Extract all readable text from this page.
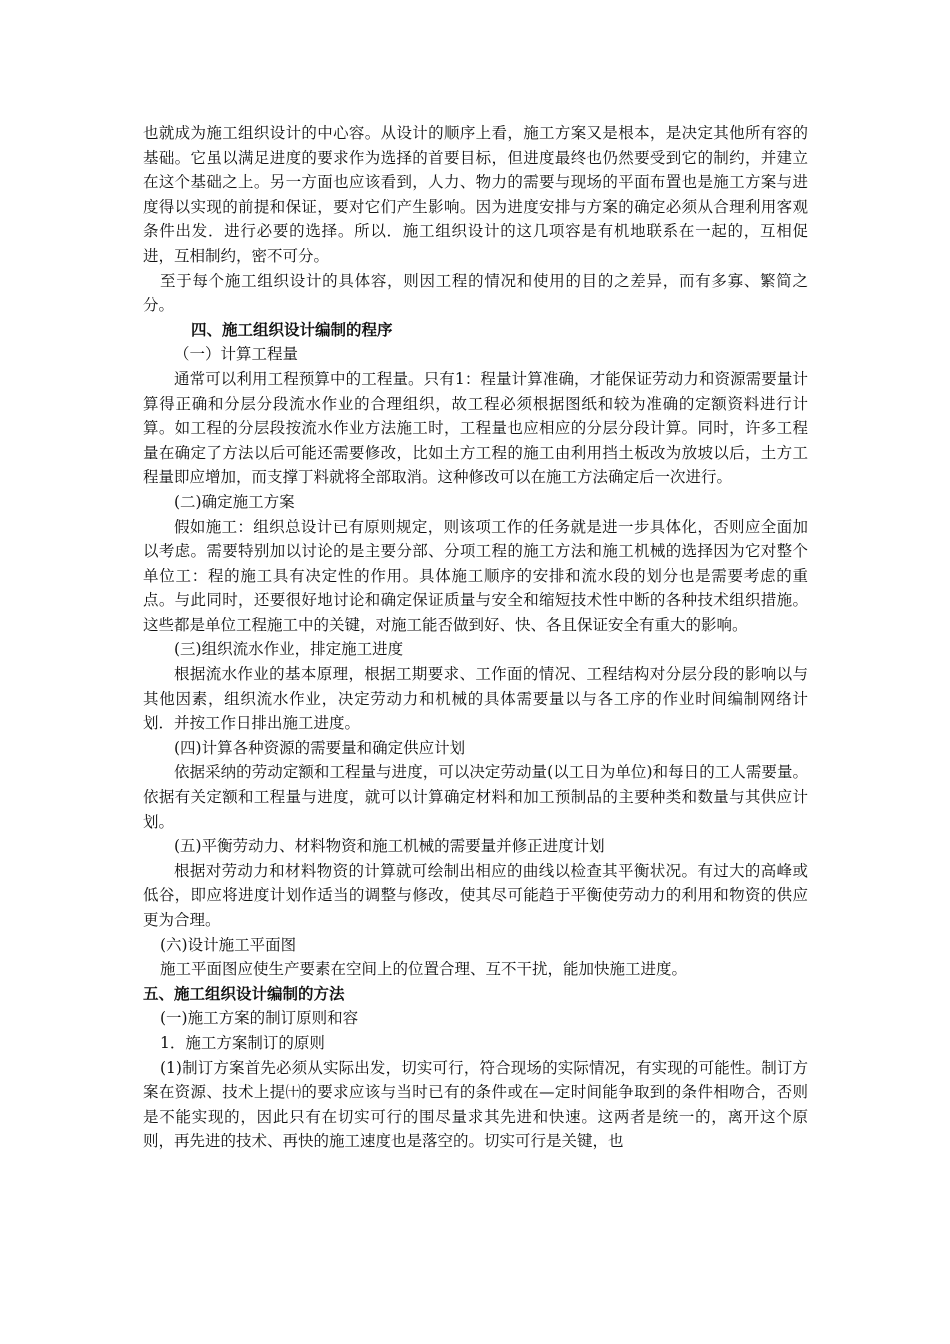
也就成为施工组织设计的中心容。从设计的顺序上看，施工方案又是根本，是决定其他所有容的基础。它虽以满足进度的要求作为选择的首要目标，但进度最终也仍然要受到它的制约，并建立在这个基础之上。另一方面也应该看到，人力、物力的需要与现场的平面布置也是施工方案与进度得以实现的前提和保证，要对它们产生影响。因为进度安排与方案的确定必须从合理利用客观条件出发．进行必要的选择。所以．施工组织设计的这几项容是有机地联系在一起的，互相促进，互相制约，密不可分。

至于每个施工组织设计的具体容，则因工程的情况和使用的目的之差异，而有多寡、繁简之分。

四、施工组织设计编制的程序
（一）计算工程量

通常可以利用工程预算中的工程量。只有1：程量计算准确，才能保证劳动力和资源需要量计算得正确和分层分段流水作业的合理组织，故工程必须根据图纸和较为准确的定额资料进行计算。如工程的分层段按流水作业方法施工时，工程量也应相应的分层分段计算。同时，许多工程量在确定了方法以后可能还需要修改，比如土方工程的施工由利用挡土板改为放坡以后，土方工程量即应增加，而支撑丁料就将全部取消。这种修改可以在施工方法确定后一次进行。

(二)确定施工方案

假如施工：组织总设计已有原则规定，则该项工作的任务就是进一步具体化，否则应全面加以考虑。需要特别加以讨论的是主要分部、分项工程的施工方法和施工机械的选择因为它对整个单位工：程的施工具有决定性的作用。具体施工顺序的安排和流水段的划分也是需要考虑的重点。与此同时，还要很好地讨论和确定保证质量与安全和缩短技术性中断的各种技术组织措施。这些都是单位工程施工中的关键，对施工能否做到好、快、各且保证安全有重大的影响。

(三)组织流水作业，排定施工进度

根据流水作业的基本原理，根据工期要求、工作面的情况、工程结构对分层分段的影响以与其他因素，组织流水作业，决定劳动力和机械的具体需要量以与各工序的作业时间编制网络计划．并按工作日排出施工进度。

(四)计算各种资源的需要量和确定供应计划

依据采纳的劳动定额和工程量与进度，可以决定劳动量(以工日为单位)和每日的工人需要量。依据有关定额和工程量与进度，就可以计算确定材料和加工预制品的主要种类和数量与其供应计划。

(五)平衡劳动力、材料物资和施工机械的需要量并修正进度计划

根据对劳动力和材料物资的计算就可绘制出相应的曲线以检查其平衡状况。有过大的高峰或低谷，即应将进度计划作适当的调整与修改，使其尽可能趋于平衡使劳动力的利用和物资的供应更为合理。

(六)设计施工平面图

施工平面图应使生产要素在空间上的位置合理、互不干扰，能加快施工进度。

五、施工组织设计编制的方法
(一)施工方案的制订原则和容
1．施工方案制订的原则

(1)制订方案首先必须从实际出发，切实可行，符合现场的实际情况，有实现的可能性。制订方案在资源、技术上提㈩的要求应该与当时已有的条件或在—定时间能争取到的条件相吻合，否则是不能实现的，因此只有在切实可行的围尽量求其先进和快速。这两者是统一的，离开这个原则，再先进的技术、再快的施工速度也是落空的。切实可行是关键，也
